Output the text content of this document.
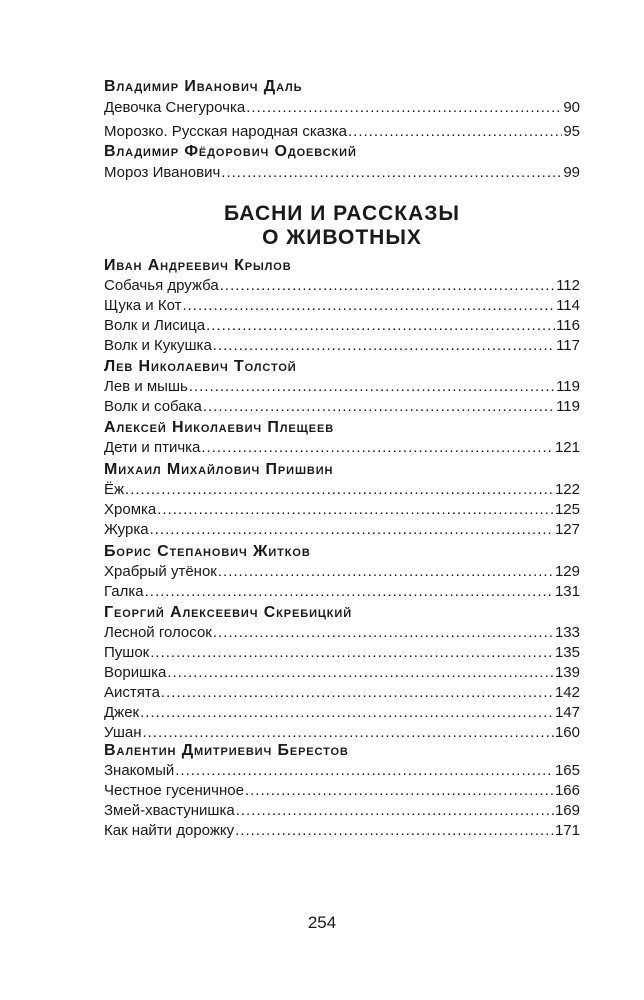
Владимир Иванович Даль
Девочка Снегурочка .....	90
Морозко. Русская народная сказка .....	95
Владимир Фёдорович Одоевский
Мороз Иванович .....	99
БАСНИ И РАССКАЗЫ
О ЖИВОТНЫХ
Иван Андреевич Крылов
Собачья дружба .....	112
Щука и Кот .....	114
Волк и Лисица .....	116
Волк и Кукушка .....	117
Лев Николаевич Толстой
Лев и мышь .....	119
Волк и собака .....	119
Алексей Николаевич Плещеев
Дети и птичка .....	121
Михаил Михайлович Пришвин
Ёж .....	122
Хромка .....	125
Журка .....	127
Борис Степанович Житков
Храбрый утёнок .....	129
Галка .....	131
Георгий Алексеевич Скребицкий
Лесной голосок .....	133
Пушок .....	135
Воришка .....	139
Аистята .....	142
Джек .....	147
Ушан .....	160
Валентин Дмитриевич Берестов
Знакомый .....	165
Честное гусеничное .....	166
Змей-хвастунишка .....	169
Как найти дорожку .....	171
254
